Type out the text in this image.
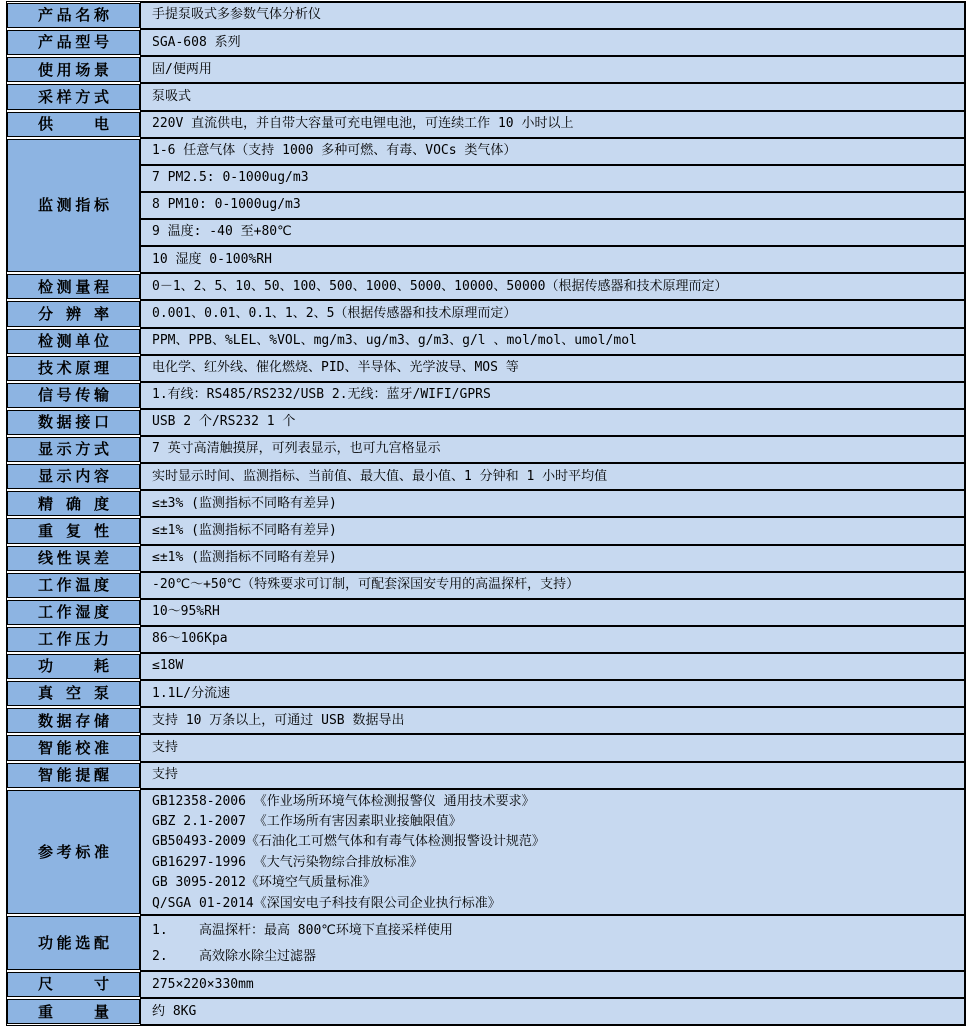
产品名称	手提泵吸式多参数气体分析仪
产品型号	SGA-608 系列
使用场景	固/便两用
采样方式	泵吸式
供电	220V 直流供电，并自带大容量可充电锂电池，可连续工作 10 小时以上
监测指标
1-6 任意气体（支持 1000 多种可燃、有毒、VOCs 类气体）
7 PM2.5: 0-1000ug/m3
8 PM10: 0-1000ug/m3
9 温度: -40 至+80℃
10 湿度 0-100%RH
检测量程	0－1、2、5、10、50、100、500、1000、5000、10000、50000（根据传感器和技术原理而定）
分辨率	0.001、0.01、0.1、1、2、5（根据传感器和技术原理而定）
检测单位	PPM、PPB、%LEL、%VOL、mg/m3、ug/m3、g/m3、g/l 、mol/mol、umol/mol
技术原理	电化学、红外线、催化燃烧、PID、半导体、光学波导、MOS 等
信号传输	1.有线：RS485/RS232/USB 2.无线：蓝牙/WIFI/GPRS
数据接口	USB 2 个/RS232 1 个
显示方式	7 英寸高清触摸屏，可列表显示，也可九宫格显示
显示内容	实时显示时间、监测指标、当前值、最大值、最小值、1 分钟和 1 小时平均值
精确度	≤±3% (监测指标不同略有差异)
重复性	≤±1% (监测指标不同略有差异)
线性误差	≤±1% (监测指标不同略有差异)
工作温度	-20℃～+50℃（特殊要求可订制，可配套深国安专用的高温探杆，支持）
工作湿度	10～95%RH
工作压力	86～106Kpa
功耗	≤18W
真空泵	1.1L/分流速
数据存储	支持 10 万条以上，可通过 USB 数据导出
智能校准	支持
智能提醒	支持
参考标准
GB12358-2006 《作业场所环境气体检测报警仪 通用技术要求》
GBZ 2.1-2007 《工作场所有害因素职业接触限值》
GB50493-2009《石油化工可燃气体和有毒气体检测报警设计规范》
GB16297-1996 《大气污染物综合排放标准》
GB 3095-2012《环境空气质量标准》
Q/SGA 01-2014《深国安电子科技有限公司企业执行标准》
功能选配
1.    高温探杆：最高 800℃环境下直接采样使用
2.    高效除水除尘过滤器
尺寸	275×220×330mm
重量	约 8KG
